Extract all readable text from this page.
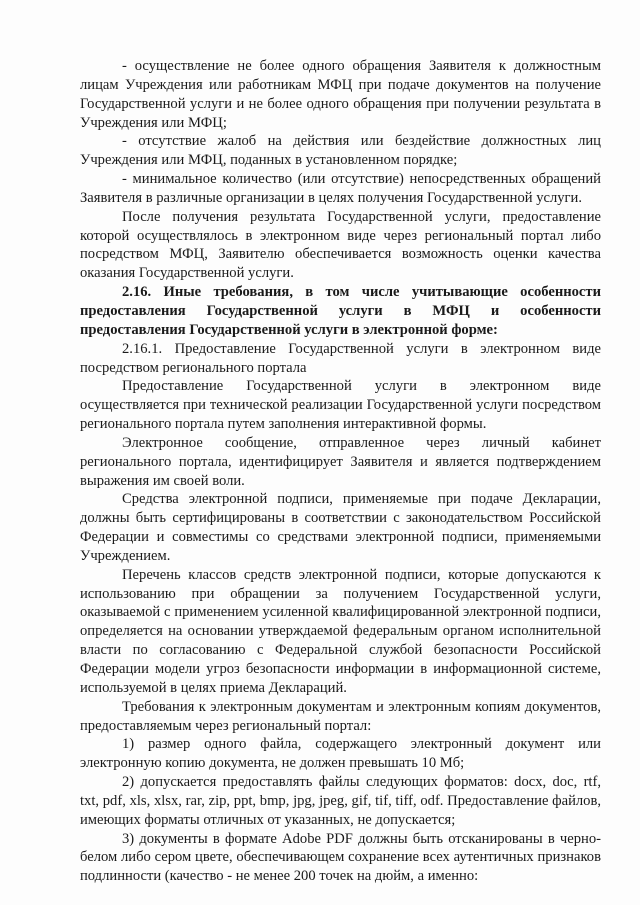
- осуществление не более одного обращения Заявителя к должностным лицам Учреждения или работникам МФЦ при подаче документов на получение Государственной услуги и не более одного обращения при получении результата в Учреждения или МФЦ;

- отсутствие жалоб на действия или бездействие должностных лиц Учреждения или МФЦ, поданных в установленном порядке;

- минимальное количество (или отсутствие) непосредственных обращений Заявителя в различные организации в целях получения Государственной услуги.

После получения результата Государственной услуги, предоставление которой осуществлялось в электронном виде через региональный портал либо посредством МФЦ, Заявителю обеспечивается возможность оценки качества оказания Государственной услуги.

2.16. Иные требования, в том числе учитывающие особенности предоставления Государственной услуги в МФЦ и особенности предоставления Государственной услуги в электронной форме:

2.16.1. Предоставление Государственной услуги в электронном виде посредством регионального портала

Предоставление Государственной услуги в электронном виде осуществляется при технической реализации Государственной услуги посредством регионального портала путем заполнения интерактивной формы.

Электронное сообщение, отправленное через личный кабинет регионального портала, идентифицирует Заявителя и является подтверждением выражения им своей воли.

Средства электронной подписи, применяемые при подаче Декларации, должны быть сертифицированы в соответствии с законодательством Российской Федерации и совместимы со средствами электронной подписи, применяемыми Учреждением.

Перечень классов средств электронной подписи, которые допускаются к использованию при обращении за получением Государственной услуги, оказываемой с применением усиленной квалифицированной электронной подписи, определяется на основании утверждаемой федеральным органом исполнительной власти по согласованию с Федеральной службой безопасности Российской Федерации модели угроз безопасности информации в информационной системе, используемой в целях приема Деклараций.

Требования к электронным документам и электронным копиям документов, предоставляемым через региональный портал:

1) размер одного файла, содержащего электронный документ или электронную копию документа, не должен превышать 10 Мб;

2) допускается предоставлять файлы следующих форматов: docx, doc, rtf, txt, pdf, xls, xlsx, rar, zip, ppt, bmp, jpg, jpeg, gif, tif, tiff, odf. Предоставление файлов, имеющих форматы отличных от указанных, не допускается;

3) документы в формате Adobe PDF должны быть отсканированы в черно-белом либо сером цвете, обеспечивающем сохранение всех аутентичных признаков подлинности (качество - не менее 200 точек на дюйм, а именно:
